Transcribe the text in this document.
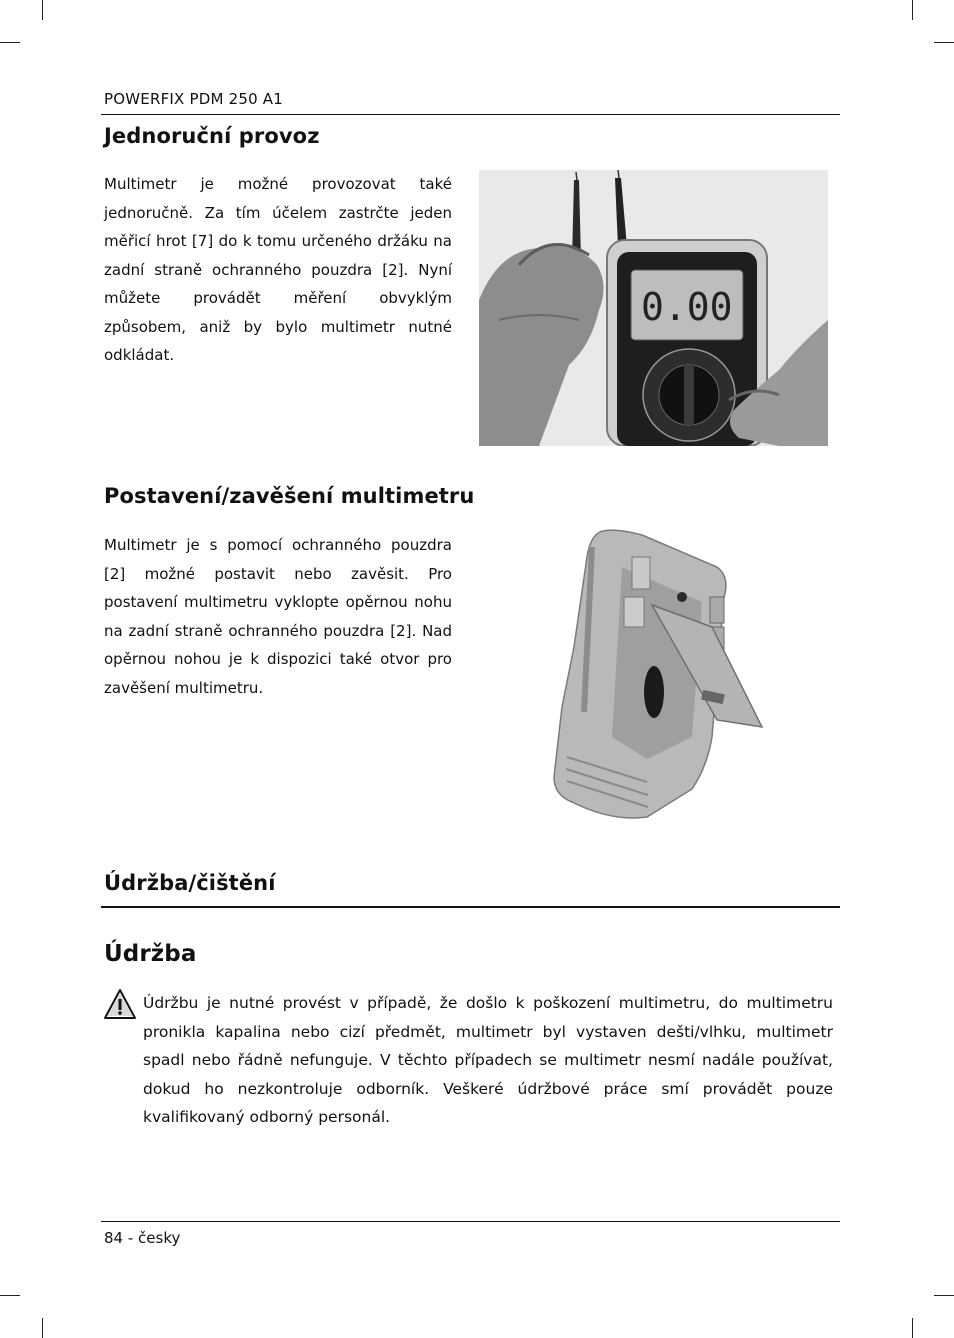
POWERFIX PDM 250 A1
Jednoruční provoz

Multimetr je možné provozovat také jednoručně. Za tím účelem zastrčte jeden měřicí hrot [7] do k tomu určeného držáku na zadní straně ochranného pouzdra [2]. Nyní můžete provádět měření obvyklým způsobem, aniž by bylo multimetr nutné odkládat.

0.00
Postavení/zavěšení multimetru

Multimetr je s pomocí ochranného pouzdra [2] možné postavit nebo zavěsit. Pro postavení multimetru vyklopte opěrnou nohu na zadní straně ochranného pouzdra [2]. Nad opěrnou nohou je k dispozici také otvor pro zavěšení multimetru.

Údržba/čištění
Údržba

Údržbu je nutné provést v případě, že došlo k poškození multimetru, do multimetru pronikla kapalina nebo cizí předmět, multimetr byl vystaven dešti/vlhku, multimetr spadl nebo řádně nefunguje. V těchto případech se multimetr nesmí nadále používat, dokud ho nezkontroluje odborník. Veškeré údržbové práce smí provádět pouze kvalifikovaný odborný personál.

84 - česky
